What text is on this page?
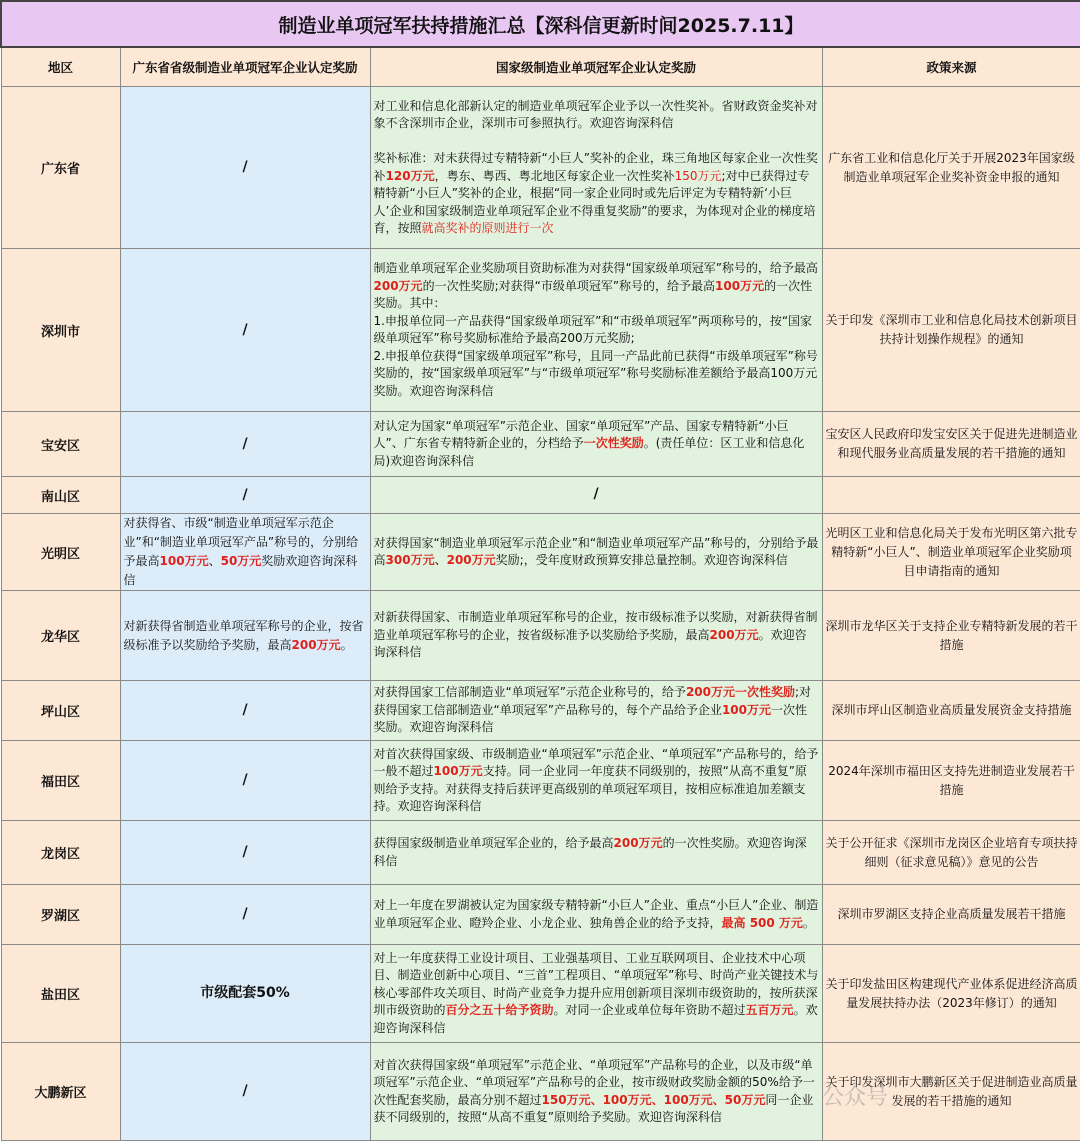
制造业单项冠军扶持措施汇总【深科信更新时间2025.7.11】			
地区	广东省省级制造业单项冠军企业认定奖励	国家级制造业单项冠军企业认定奖励	政策来源
广东省	/	对工业和信息化部新认定的制造业单项冠军企业予以一次性奖补。省财政资金奖补对象不含深圳市企业，深圳市可参照执行。欢迎咨询深科信

奖补标准：对未获得过专精特新“小巨人”奖补的企业，珠三角地区每家企业一次性奖补120万元，粤东、粤西、粤北地区每家企业一次性奖补150万元;对中已获得过专精特新“小巨人”奖补的企业，根据“同一家企业同时或先后评定为专精特新‘小巨人’企业和国家级制造业单项冠军企业不得重复奖励”的要求，为体现对企业的梯度培育，按照就高奖补的原则进行一次	广东省工业和信息化厅关于开展2023年国家级制造业单项冠军企业奖补资金申报的通知
深圳市	/	制造业单项冠军企业奖励项目资助标准为对获得“国家级单项冠军”称号的，给予最高200万元的一次性奖励;对获得“市级单项冠军”称号的，给予最高100万元的一次性奖励。其中：
1.申报单位同一产品获得“国家级单项冠军”和“市级单项冠军”两项称号的，按“国家级单项冠军”称号奖励标准给予最高200万元奖励;
2.申报单位获得“国家级单项冠军”称号，且同一产品此前已获得“市级单项冠军”称号奖励的，按“国家级单项冠军”与“市级单项冠军”称号奖励标准差额给予最高100万元奖励。欢迎咨询深科信	关于印发《深圳市工业和信息化局技术创新项目扶持计划操作规程》的通知
宝安区	/	对认定为国家“单项冠军”示范企业、国家“单项冠军”产品、国家专精特新“小巨人”、广东省专精特新企业的，分档给予一次性奖励。(责任单位：区工业和信息化局)欢迎咨询深科信	宝安区人民政府印发宝安区关于促进先进制造业和现代服务业高质量发展的若干措施的通知
南山区	/	/	
光明区	对获得省、市级“制造业单项冠军示范企业”和“制造业单项冠军产品”称号的，分别给予最高100万元、50万元奖励欢迎咨询深科信	对获得国家“制造业单项冠军示范企业”和“制造业单项冠军产品”称号的，分别给予最高300万元、200万元奖励;，受年度财政预算安排总量控制。欢迎咨询深科信	光明区工业和信息化局关于发布光明区第六批专精特新“小巨人”、制造业单项冠军企业奖励项目申请指南的通知
龙华区	对新获得省制造业单项冠军称号的企业，按省级标准予以奖励给予奖励，最高200万元。	对新获得国家、市制造业单项冠军称号的企业，按市级标准予以奖励，对新获得省制造业单项冠军称号的企业，按省级标准予以奖励给予奖励，最高200万元。欢迎咨询深科信	深圳市龙华区关于支持企业专精特新发展的若干措施
坪山区	/	对获得国家工信部制造业“单项冠军”示范企业称号的，给予200万元一次性奖励;对获得国家工信部制造业“单项冠军”产品称号的，每个产品给予企业100万元一次性奖励。欢迎咨询深科信	深圳市坪山区制造业高质量发展资金支持措施
福田区	/	对首次获得国家级、市级制造业“单项冠军”示范企业、“单项冠军”产品称号的，给予一般不超过100万元支持。同一企业同一年度获不同级别的，按照“从高不重复”原则给予支持。对获得支持后获评更高级别的单项冠军项目，按相应标准追加差额支持。欢迎咨询深科信	2024年深圳市福田区支持先进制造业发展若干措施
龙岗区	/	获得国家级制造业单项冠军企业的，给予最高200万元的一次性奖励。欢迎咨询深科信	关于公开征求《深圳市龙岗区企业培育专项扶持细则（征求意见稿）》意见的公告
罗湖区	/	对上一年度在罗湖被认定为国家级专精特新“小巨人”企业、重点“小巨人”企业、制造业单项冠军企业、瞪羚企业、小龙企业、独角兽企业的给予支持，最高 500 万元。	深圳市罗湖区支持企业高质量发展若干措施
盐田区	市级配套50%	对上一年度获得工业设计项目、工业强基项目、工业互联网项目、企业技术中心项目、制造业创新中心项目、“三首”工程项目、“单项冠军”称号、时尚产业关键技术与核心零部件攻关项目、时尚产业竞争力提升应用创新项目深圳市级资助的，按所获深圳市级资助的百分之五十给予资助。对同一企业或单位每年资助不超过五百万元。欢迎咨询深科信	关于印发盐田区构建现代产业体系促进经济高质量发展扶持办法（2023年修订）的通知
大鹏新区	/	对首次获得国家级“单项冠军”示范企业、“单项冠军”产品称号的企业，以及市级“单项冠军”示范企业、“单项冠军”产品称号的企业，按市级财政奖励金额的50%给予一次性配套奖励，最高分别不超过150万元、100万元、100万元、50万元同一企业获不同级别的，按照“从高不重复”原则给予奖励。欢迎咨询深科信	关于印发深圳市大鹏新区关于促进制造业高质量发展的若干措施的通知
公众号
